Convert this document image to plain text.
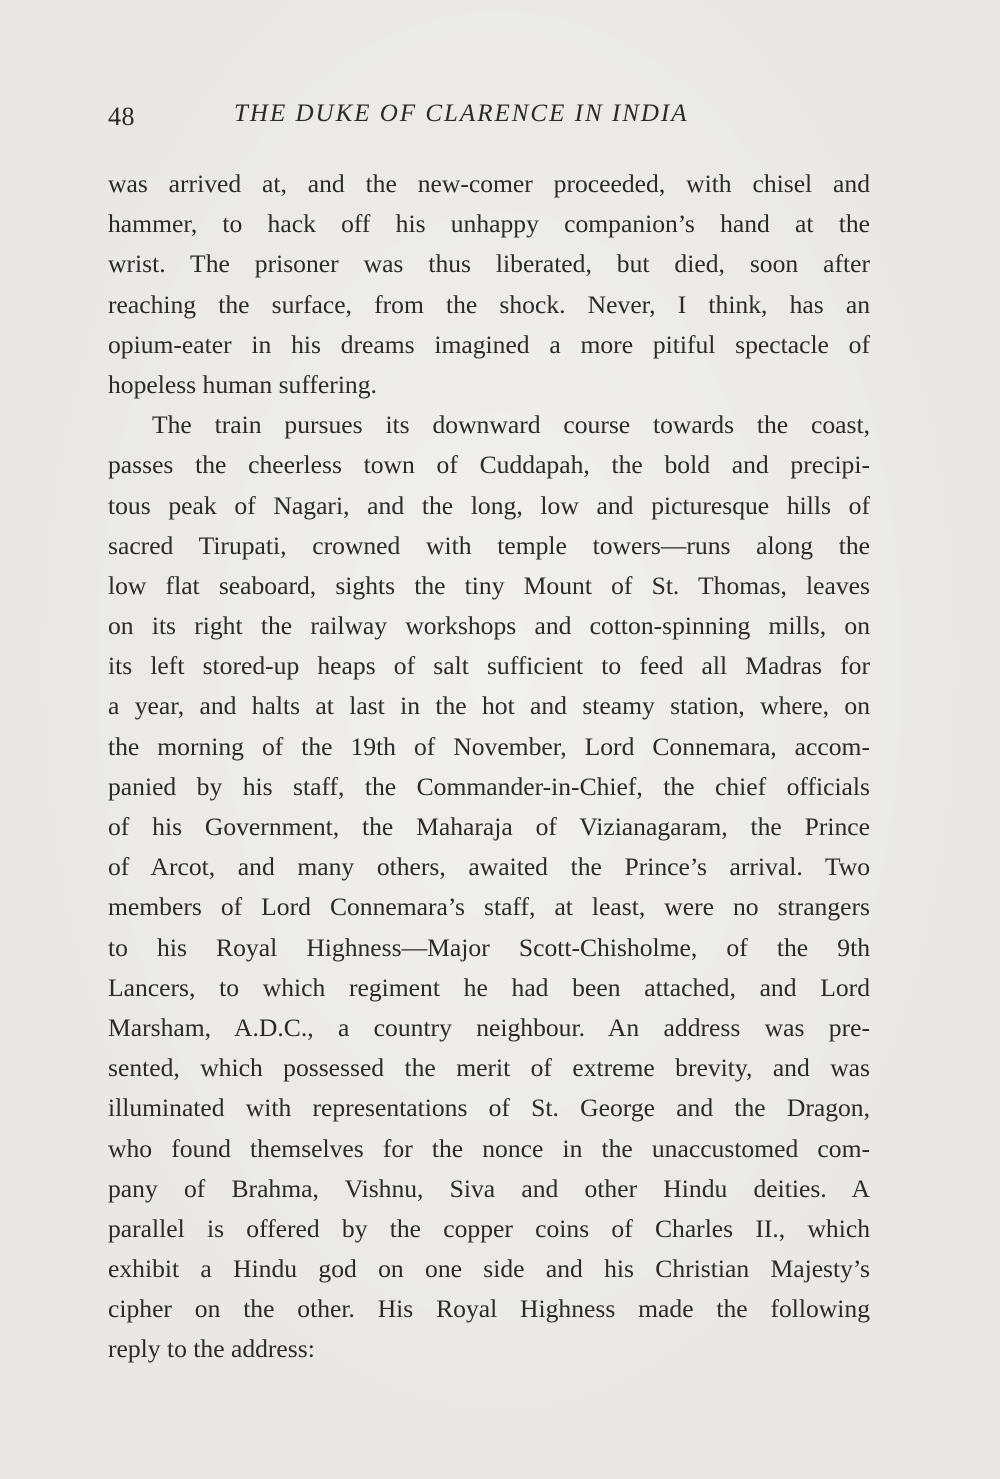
48	THE DUKE OF CLARENCE IN INDIA
was arrived at, and the new-comer proceeded, with chisel and
hammer, to hack off his unhappy companion’s hand at the
wrist. The prisoner was thus liberated, but died, soon after
reaching the surface, from the shock. Never, I think, has an
opium-eater in his dreams imagined a more pitiful spectacle of
hopeless human suffering.
The train pursues its downward course towards the coast,
passes the cheerless town of Cuddapah, the bold and precipi-
tous peak of Nagari, and the long, low and picturesque hills of
sacred Tirupati, crowned with temple towers—runs along the
low flat seaboard, sights the tiny Mount of St. Thomas, leaves
on its right the railway workshops and cotton-spinning mills, on
its left stored-up heaps of salt sufficient to feed all Madras for
a year, and halts at last in the hot and steamy station, where, on
the morning of the 19th of November, Lord Connemara, accom-
panied by his staff, the Commander-in-Chief, the chief officials
of his Government, the Maharaja of Vizianagaram, the Prince
of Arcot, and many others, awaited the Prince’s arrival. Two
members of Lord Connemara’s staff, at least, were no strangers
to his Royal Highness—Major Scott-Chisholme, of the 9th
Lancers, to which regiment he had been attached, and Lord
Marsham, A.D.C., a country neighbour. An address was pre-
sented, which possessed the merit of extreme brevity, and was
illuminated with representations of St. George and the Dragon,
who found themselves for the nonce in the unaccustomed com-
pany of Brahma, Vishnu, Siva and other Hindu deities. A
parallel is offered by the copper coins of Charles II., which
exhibit a Hindu god on one side and his Christian Majesty’s
cipher on the other. His Royal Highness made the following
reply to the address:
